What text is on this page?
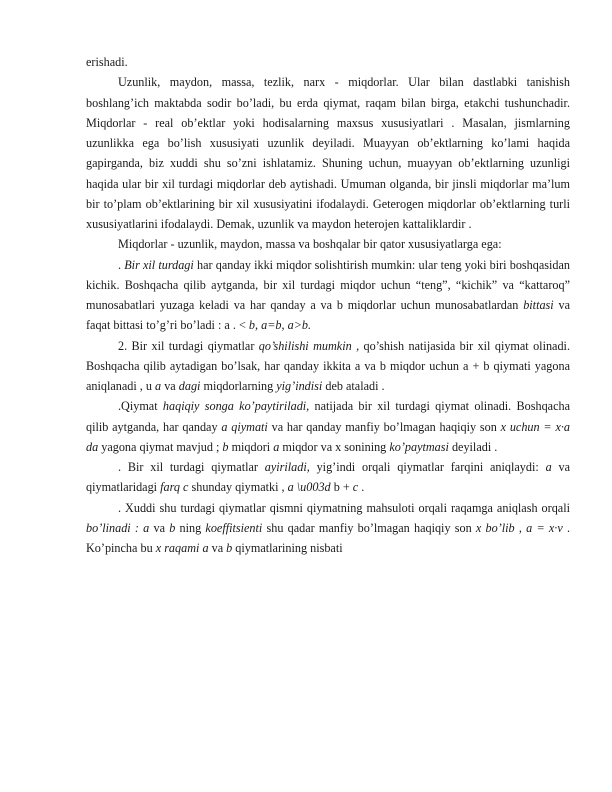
erishadi.

Uzunlik, maydon, massa, tezlik, narx - miqdorlar. Ular bilan dastlabki tanishish boshlang’ich maktabda sodir bo’ladi, bu erda qiymat, raqam bilan birga, etakchi tushunchadir. Miqdorlar - real ob’ektlar yoki hodisalarning maxsus xususiyatlari . Masalan, jismlarning uzunlikka ega bo’lish xususiyati uzunlik deyiladi. Muayyan ob’ektlarning ko’lami haqida gapirganda, biz xuddi shu so’zni ishlatamiz. Shuning uchun, muayyan ob’ektlarning uzunligi haqida ular bir xil turdagi miqdorlar deb aytishadi. Umuman olganda, bir jinsli miqdorlar ma’lum bir to’plam ob’ektlarining bir xil xususiyatini ifodalaydi. Geterogen miqdorlar ob’ektlarning turli xususiyatlarini ifodalaydi. Demak, uzunlik va maydon heterojen kattaliklardir .

Miqdorlar - uzunlik, maydon, massa va boshqalar bir qator xususiyatlarga ega:

. Bir xil turdagi har qanday ikki miqdor solishtirish mumkin: ular teng yoki biri boshqasidan kichik. Boshqacha qilib aytganda, bir xil turdagi miqdor uchun “teng”, “kichik” va “kattaroq” munosabatlari yuzaga keladi va har qanday a va b miqdorlar uchun munosabatlardan bittasi va faqat bittasi to’g’ri bo’ladi : a . < b, a=b, a>b.

2. Bir xil turdagi qiymatlar qo’shilishi mumkin , qo’shish natijasida bir xil qiymat olinadi. Boshqacha qilib aytadigan bo’lsak, har qanday ikkita a va b miqdor uchun a + b qiymati yagona aniqlanadi , u a va dagi miqdorlarning yig’indisi deb ataladi .

.Qiymat haqiqiy songa ko’paytiriladi, natijada bir xil turdagi qiymat olinadi. Boshqacha qilib aytganda, har qanday a qiymati va har qanday manfiy bo’lmagan haqiqiy son x uchun = x·a da yagona qiymat mavjud ; b miqdori a miqdor va x sonining ko’paytmasi deyiladi .

. Bir xil turdagi qiymatlar ayiriladi, yig’indi orqali qiymatlar farqini aniqlaydi: a va qiymatlaridagi farq c shunday qiymatki , a \u003d b + c .

. Xuddi shu turdagi qiymatlar qismni qiymatning mahsuloti orqali raqamga aniqlash orqali bo’linadi : a va b ning koeffitsienti shu qadar manfiy bo’lmagan haqiqiy son x bo’lib , a = x·v . Ko’pincha bu x raqami a va b qiymatlarining nisbati
